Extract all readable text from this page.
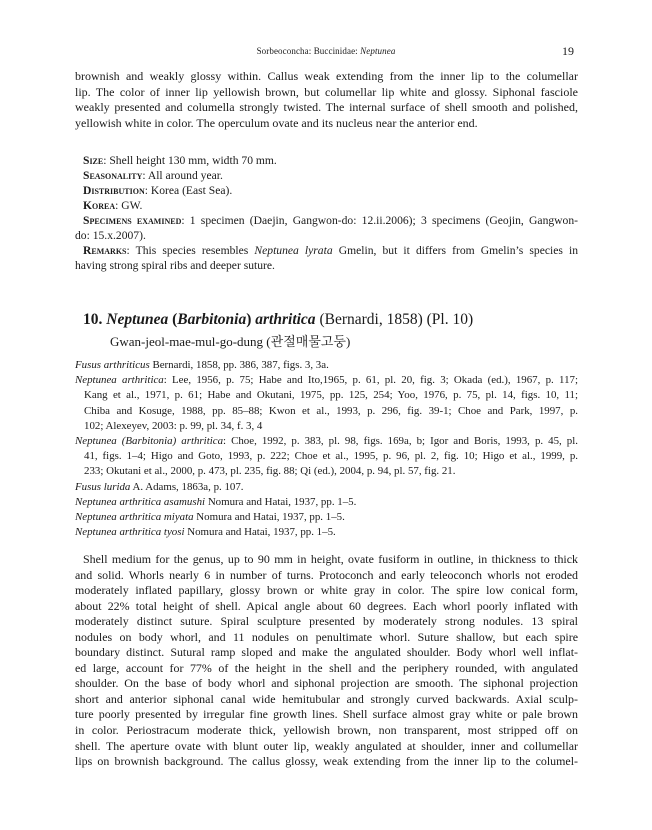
Sorbeoconcha: Buccinidae: Neptunea	19
brownish and weakly glossy within. Callus weak extending from the inner lip to the columellar
lip. The color of inner lip yellowish brown, but columellar lip white and glossy. Siphonal fasciole
weakly presented and columella strongly twisted. The internal surface of shell smooth and polished,
yellowish white in color. The operculum ovate and its nucleus near the anterior end.
Size: Shell height 130 mm, width 70 mm.
Seasonality: All around year.
Distribution: Korea (East Sea).
Korea: GW.
Specimens examined: 1 specimen (Daejin, Gangwon-do: 12.ii.2006); 3 specimens (Geojin, Gangwon-
do: 15.x.2007).
Remarks: This species resembles Neptunea lyrata Gmelin, but it differs from Gmelin’s species in
having strong spiral ribs and deeper suture.
10. Neptunea (Barbitonia) arthritica (Bernardi, 1858) (Pl. 10)
Gwan-jeol-mae-mul-go-dung (관절매물고둥)
Fusus arthriticus Bernardi, 1858, pp. 386, 387, figs. 3, 3a.
Neptunea arthritica: Lee, 1956, p. 75; Habe and Ito,1965, p. 61, pl. 20, fig. 3; Okada (ed.), 1967, p. 117;
Kang et al., 1971, p. 61; Habe and Okutani, 1975, pp. 125, 254; Yoo, 1976, p. 75, pl. 14, figs. 10, 11;
Chiba and Kosuge, 1988, pp. 85–88; Kwon et al., 1993, p. 296, fig. 39-1; Choe and Park, 1997, p.
102; Alexeyev, 2003: p. 99, pl. 34, f. 3, 4
Neptunea (Barbitonia) arthritica: Choe, 1992, p. 383, pl. 98, figs. 169a, b; Igor and Boris, 1993, p. 45, pl.
41, figs. 1–4; Higo and Goto, 1993, p. 222; Choe et al., 1995, p. 96, pl. 2, fig. 10; Higo et al., 1999, p.
233; Okutani et al., 2000, p. 473, pl. 235, fig. 88; Qi (ed.), 2004, p. 94, pl. 57, fig. 21.
Fusus lurida A. Adams, 1863a, p. 107.
Neptunea arthritica asamushi Nomura and Hatai, 1937, pp. 1–5.
Neptunea arthritica miyata Nomura and Hatai, 1937, pp. 1–5.
Neptunea arthritica tyosi Nomura and Hatai, 1937, pp. 1–5.
Shell medium for the genus, up to 90 mm in height, ovate fusiform in outline, in thickness to thick
and solid. Whorls nearly 6 in number of turns. Protoconch and early teleoconch whorls not eroded
moderately inflated papillary, glossy brown or white gray in color. The spire low conical form,
about 22% total height of shell. Apical angle about 60 degrees. Each whorl poorly inflated with
moderately distinct suture. Spiral sculpture presented by moderately strong nodules. 13 spiral
nodules on body whorl, and 11 nodules on penultimate whorl. Suture shallow, but each spire
boundary distinct. Sutural ramp sloped and make the angulated shoulder. Body whorl well inflat-
ed large, account for 77% of the height in the shell and the periphery rounded, with angulated
shoulder. On the base of body whorl and siphonal projection are smooth. The siphonal projection
short and anterior siphonal canal wide hemitubular and strongly curved backwards. Axial sculp-
ture poorly presented by irregular fine growth lines. Shell surface almost gray white or pale brown
in color. Periostracum moderate thick, yellowish brown, non transparent, most stripped off on
shell. The aperture ovate with blunt outer lip, weakly angulated at shoulder, inner and collumellar
lips on brownish background. The callus glossy, weak extending from the inner lip to the columel-
